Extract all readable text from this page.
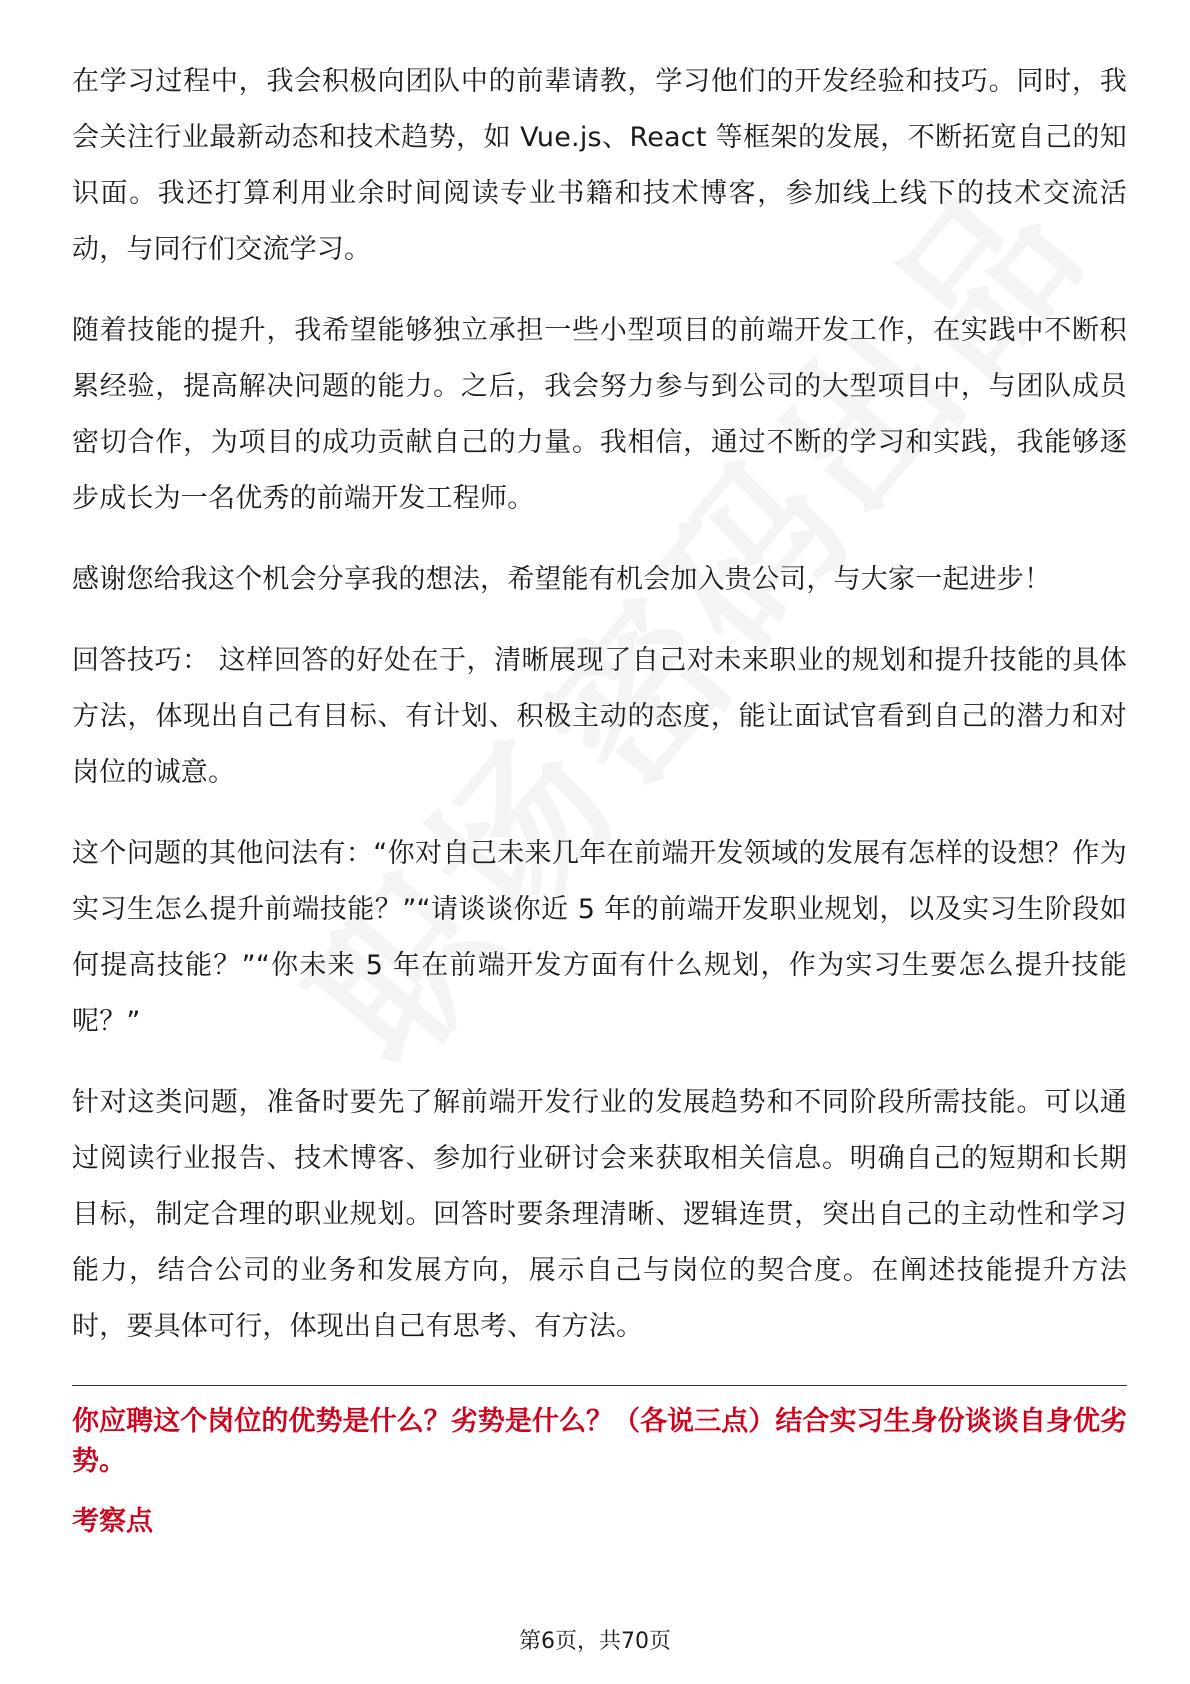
在学习过程中，我会积极向团队中的前辈请教，学习他们的开发经验和技巧。同时，我会关注行业最新动态和技术趋势，如 Vue.js、React 等框架的发展，不断拓宽自己的知识面。我还打算利用业余时间阅读专业书籍和技术博客，参加线上线下的技术交流活动，与同行们交流学习。

随着技能的提升，我希望能够独立承担一些小型项目的前端开发工作，在实践中不断积累经验，提高解决问题的能力。之后，我会努力参与到公司的大型项目中，与团队成员密切合作，为项目的成功贡献自己的力量。我相信，通过不断的学习和实践，我能够逐步成长为一名优秀的前端开发工程师。

感谢您给我这个机会分享我的想法，希望能有机会加入贵公司，与大家一起进步！

回答技巧： 这样回答的好处在于，清晰展现了自己对未来职业的规划和提升技能的具体方法，体现出自己有目标、有计划、积极主动的态度，能让面试官看到自己的潜力和对岗位的诚意。

这个问题的其他问法有：“你对自己未来几年在前端开发领域的发展有怎样的设想？作为实习生怎么提升前端技能？”“请谈谈你近 5 年的前端开发职业规划，以及实习生阶段如何提高技能？”“你未来 5 年在前端开发方面有什么规划，作为实习生要怎么提升技能呢？”

针对这类问题，准备时要先了解前端开发行业的发展趋势和不同阶段所需技能。可以通过阅读行业报告、技术博客、参加行业研讨会来获取相关信息。明确自己的短期和长期目标，制定合理的职业规划。回答时要条理清晰、逻辑连贯，突出自己的主动性和学习能力，结合公司的业务和发展方向，展示自己与岗位的契合度。在阐述技能提升方法时，要具体可行，体现出自己有思考、有方法。

你应聘这个岗位的优势是什么？劣势是什么？（各说三点）结合实习生身份谈谈自身优劣势。

考察点

第6页，共70页
